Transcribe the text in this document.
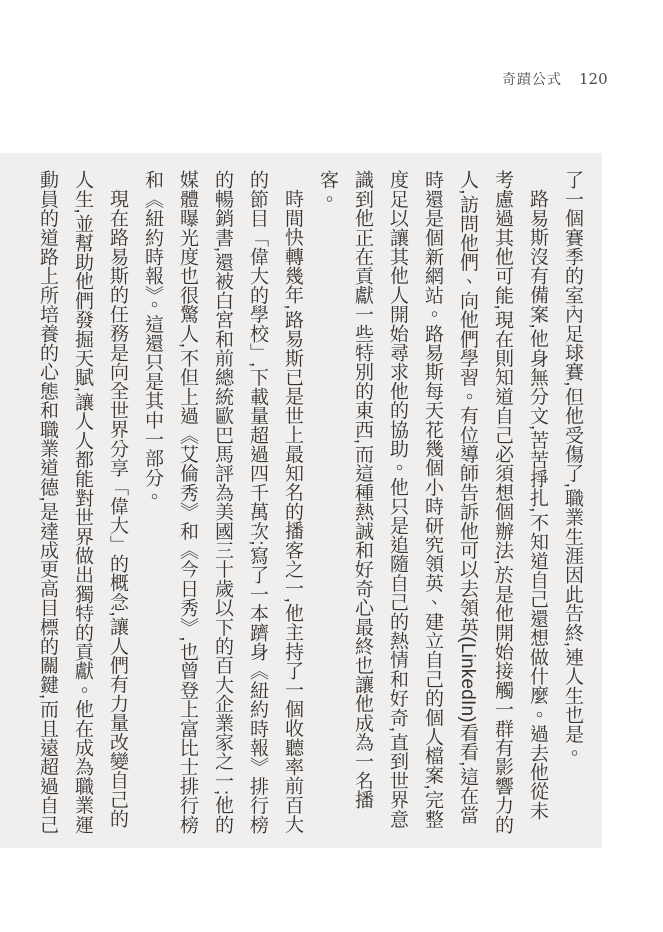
奇蹟公式 120

了一個賽季的室內足球賽,但他受傷了,職業生涯因此告終,連人生也是。

路易斯沒有備案,他身無分文,苦苦掙扎,不知道自己還想做什麼。過去他從未考慮過其他可能,現在則知道自己必須想個辦法,於是他開始接觸一群有影響力的人,訪問他們、向他們學習。有位導師告訴他可以去領英(LinkedIn)看看,這在當時還是個新網站。路易斯每天花幾個小時研究領英、建立自己的個人檔案,完整度足以讓其他人開始尋求他的協助。他只是追隨自己的熱情和好奇,直到世界意識到他正在貢獻一些特別的東西,而這種熱誠和好奇心最終也讓他成為一名播客。

時間快轉幾年,路易斯已是世上最知名的播客之一,他主持了一個收聽率前百大的節目「偉大的學校」,下載量超過四千萬次;寫了一本躋身《紐約時報》排行榜的暢銷書,還被白宮和前總統歐巴馬評為美國三十歲以下的百大企業家之一;他的媒體曝光度也很驚人,不但上過《艾倫秀》和《今日秀》,也曾登上富比士排行榜和《紐約時報》。這還只是其中一部分。

現在路易斯的任務是向全世界分享「偉大」的概念,讓人們有力量改變自己的人生,並幫助他們發掘天賦,讓人人都能對世界做出獨特的貢獻。他在成為職業運動員的道路上所培養的心態和職業道德,是達成更高目標的關鍵,而且遠超過自己
